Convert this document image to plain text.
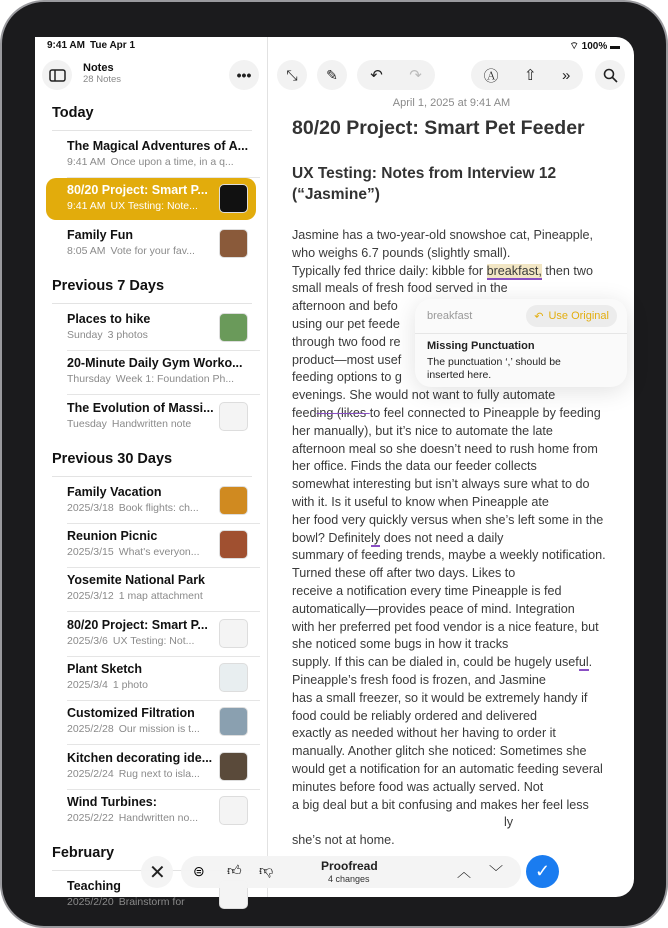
9:41 AM Tue Apr 1
Notes
28 Notes	•••
Today
The Magical Adventures of A...
9:41 AM Once upon a time, in a q...
80/20 Project: Smart P...
9:41 AM UX Testing: Note...
Family Fun
8:05 AM Vote for your fav...
Previous 7 Days
Places to hike
Sunday 3 photos
20-Minute Daily Gym Worko...
Thursday Week 1: Foundation Ph...
The Evolution of Massi...
Tuesday Handwritten note
Previous 30 Days
Family Vacation
2025/3/18 Book flights: ch...
Reunion Picnic
2025/3/15 What's everyon...
Yosemite National Park
2025/3/12 1 map attachment
80/20 Project: Smart P...
2025/3/6 UX Testing: Not...
Plant Sketch
2025/3/4 1 photo
Customized Filtration
2025/2/28 Our mission is t...
Kitchen decorating ide...
2025/2/24 Rug next to isla...
Wind Turbines:
2025/2/22 Handwritten no...
February
Teaching
2025/2/20 Brainstorm for
⌔ 100% ▬
⤡ ✎ ↶ ↷	Ⓐ ⇧ »
April 1, 2025 at 9:41 AM
80/20 Project: Smart Pet Feeder
UX Testing: Notes from Interview 12
(“Jasmine”)
Jasmine has a two-year-old snowshoe cat, Pineapple,
who weighs 6.7 pounds (slightly small).
Typically fed thrice daily: kibble for breakfast, then two
small meals of fresh food served in the
afternoon and befo
using our pet feede
through two food re
product—most usef
feeding options to g
evenings. She would not want to fully automate
feeding (likes to feel connected to Pineapple by feeding
her manually), but it’s nice to automate the late
afternoon meal so she doesn’t need to rush home from
her office. Finds the data our feeder collects
somewhat interesting but isn’t always sure what to do
with it. Is it useful to know when Pineapple ate
her food very quickly versus when she’s left some in the
bowl? Definitely does not need a daily
summary of feeding trends, maybe a weekly notification.
Turned these off after two days. Likes to
receive a notification every time Pineapple is fed
automatically—provides peace of mind. Integration
with her preferred pet food vendor is a nice feature, but
she noticed some bugs in how it tracks
supply. If this can be dialed in, could be hugely useful.
Pineapple’s fresh food is frozen, and Jasmine
has a small freezer, so it would be extremely handy if
food could be reliably ordered and delivered
exactly as needed without her having to order it
manually. Another glitch she noticed: Sometimes she
would get a notification for an automatic feeding several
minutes before food was actually served. Not
a big deal but a bit confusing and makes her feel less
ly
she’s not at home.
breakfast	↶ Use Original
Missing Punctuation
The punctuation ‘,’ should be inserted here.
✕ ⊜ 👍︎ 👎︎	Proofread
4 changes	︿ ﹀ ✓
